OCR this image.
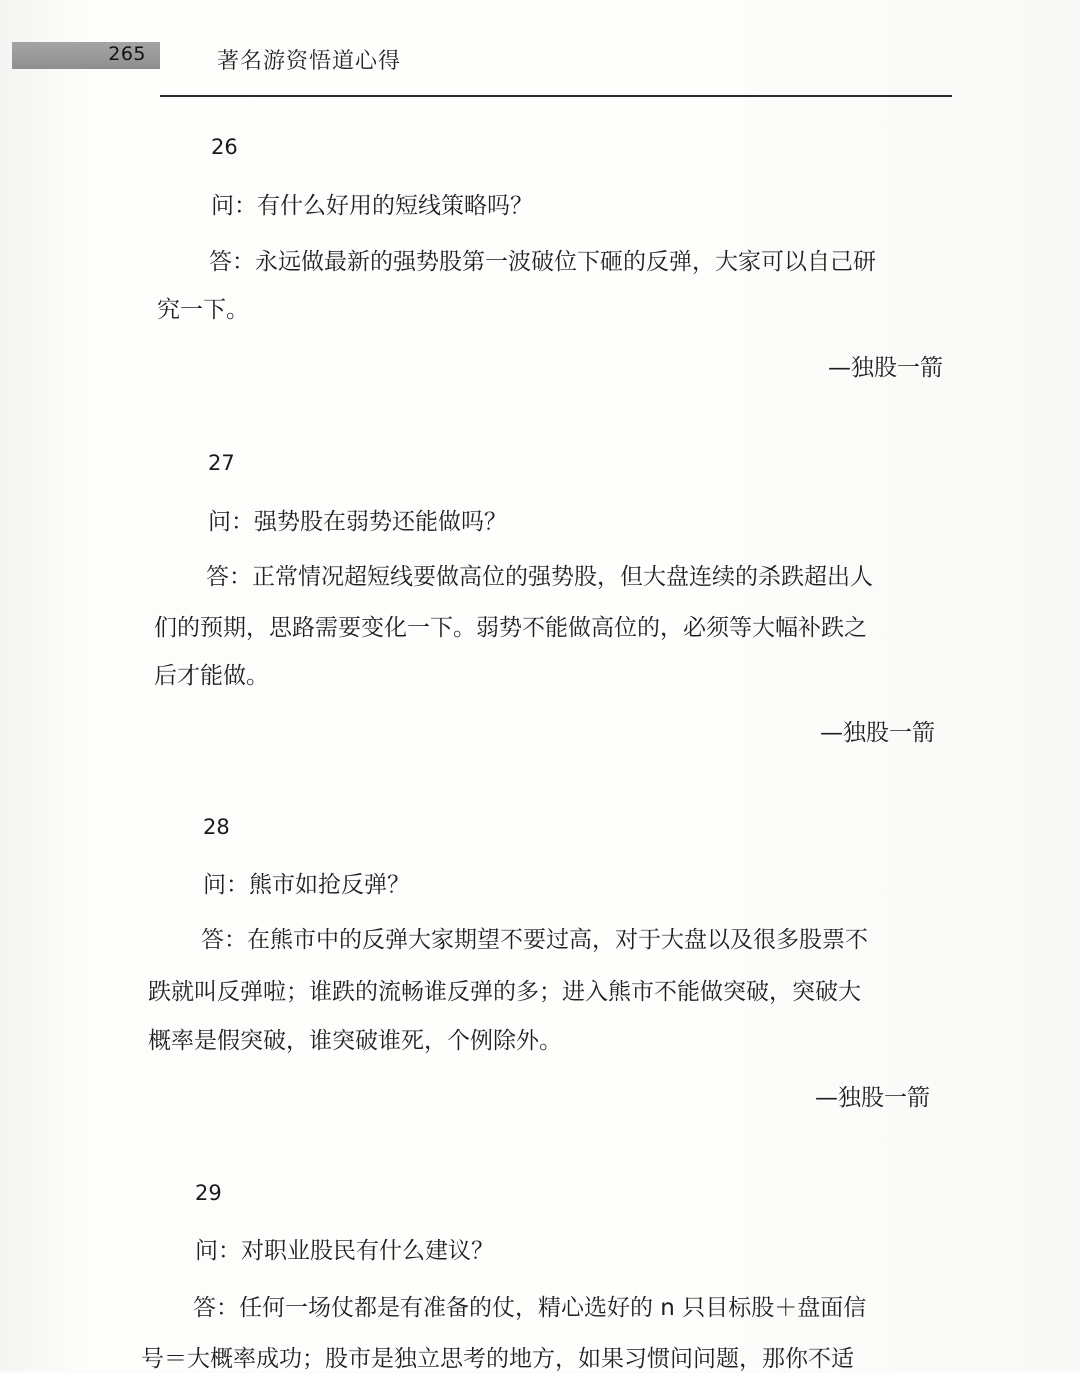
265	著名游资悟道心得
26
问：有什么好用的短线策略吗？
答：永远做最新的强势股第一波破位下砸的反弹，大家可以自己研
究一下。
—独股一箭
27
问：强势股在弱势还能做吗？
答：正常情况超短线要做高位的强势股，但大盘连续的杀跌超出人
们的预期，思路需要变化一下。弱势不能做高位的，必须等大幅补跌之
后才能做。
—独股一箭
28
问：熊市如抢反弹？
答：在熊市中的反弹大家期望不要过高，对于大盘以及很多股票不
跌就叫反弹啦；谁跌的流畅谁反弹的多；进入熊市不能做突破，突破大
概率是假突破，谁突破谁死，个例除外。
—独股一箭
29
问：对职业股民有什么建议？
答：任何一场仗都是有准备的仗，精心选好的 n 只目标股＋盘面信
号＝大概率成功；股市是独立思考的地方，如果习惯问问题，那你不适
